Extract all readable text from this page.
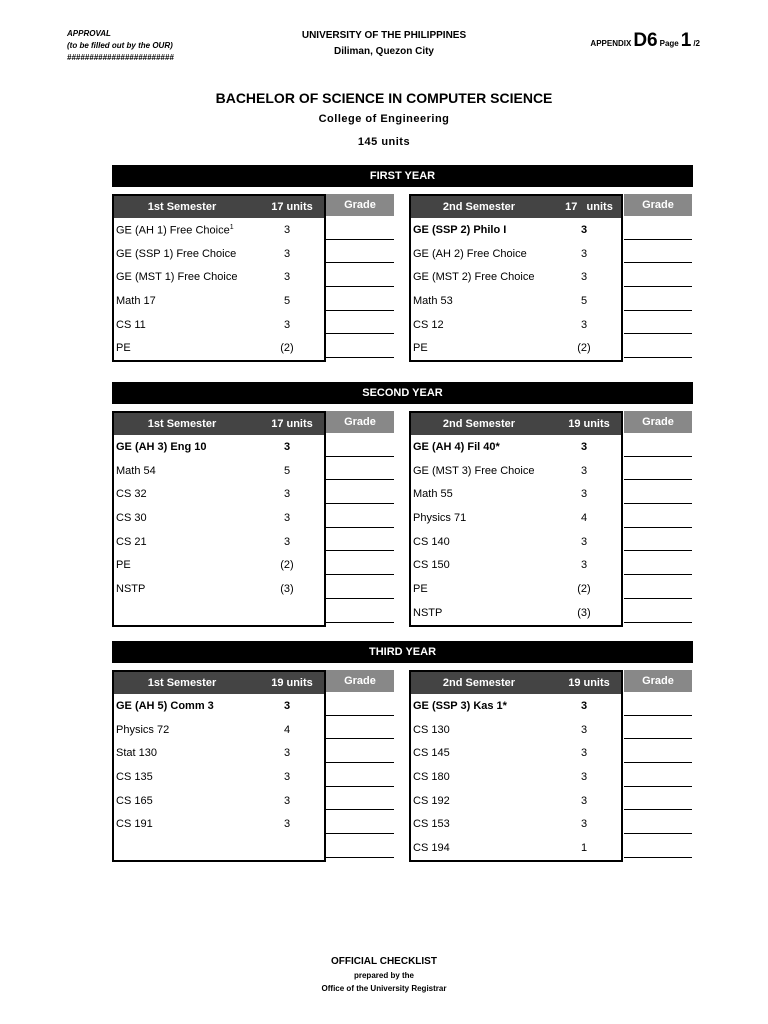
APPROVAL
(to be filled out by the OUR)
########################
UNIVERSITY OF THE PHILIPPINES
Diliman, Quezon City
APPENDIX D6 Page 1 /2
BACHELOR OF SCIENCE IN COMPUTER SCIENCE
College of Engineering
145 units
FIRST YEAR
1st Semester	17 units
GE (AH 1) Free Choice$^1$	3
GE (SSP 1) Free Choice	3
GE (MST 1) Free Choice	3
Math 17	5
CS 11	3
PE	(2)
Grade	2nd Semester	17   units
GE (SSP 2) Philo I	3
GE (AH 2) Free Choice	3
GE (MST 2) Free Choice	3
Math 53	5
CS 12	3
PE	(2)
Grade
SECOND YEAR
1st Semester	17 units
GE (AH 3) Eng 10	3
Math 54	5
CS 32	3
CS 30	3
CS 21	3
PE	(2)
NSTP	(3)
Grade	2nd Semester	19 units
GE (AH 4) Fil 40*	3
GE (MST 3) Free Choice	3
Math 55	3
Physics 71	4
CS 140	3
CS 150	3
PE	(2)
NSTP	(3)
Grade
THIRD YEAR
1st Semester	19 units
GE (AH 5) Comm 3	3
Physics 72	4
Stat 130	3
CS 135	3
CS 165	3
CS 191	3
Grade	2nd Semester	19 units
GE (SSP 3) Kas 1*	3
CS 130	3
CS 145	3
CS 180	3
CS 192	3
CS 153	3
CS 194	1
Grade
OFFICIAL CHECKLIST
prepared by the
Office of the University Registrar
